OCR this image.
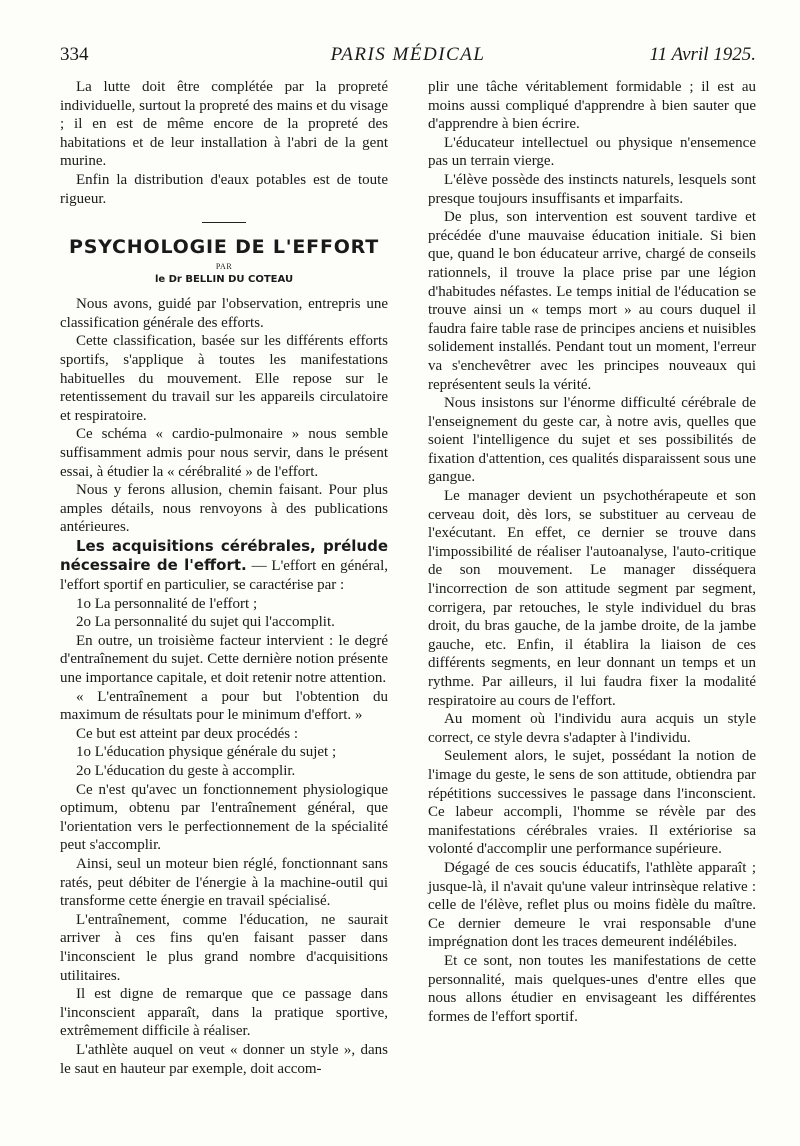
334	PARIS MÉDICAL	11 Avril 1925.

La lutte doit être complétée par la propreté individuelle, surtout la propreté des mains et du visage ; il en est de même encore de la propreté des habitations et de leur installation à l'abri de la gent murine.

Enfin la distribution d'eaux potables est de toute rigueur.

PSYCHOLOGIE DE L'EFFORT
PAR
le Dr BELLIN DU COTEAU

Nous avons, guidé par l'observation, entrepris une classification générale des efforts.

Cette classification, basée sur les différents efforts sportifs, s'applique à toutes les manifestations habituelles du mouvement. Elle repose sur le retentissement du travail sur les appareils circulatoire et respiratoire.

Ce schéma « cardio-pulmonaire » nous semble suffisamment admis pour nous servir, dans le présent essai, à étudier la « cérébralité » de l'effort.

Nous y ferons allusion, chemin faisant. Pour plus amples détails, nous renvoyons à des publications antérieures.

Les acquisitions cérébrales, prélude nécessaire de l'effort. — L'effort en général, l'effort sportif en particulier, se caractérise par :

1o La personnalité de l'effort ;

2o La personnalité du sujet qui l'accomplit.

En outre, un troisième facteur intervient : le degré d'entraînement du sujet. Cette dernière notion présente une importance capitale, et doit retenir notre attention.

« L'entraînement a pour but l'obtention du maximum de résultats pour le minimum d'effort. »

Ce but est atteint par deux procédés :

1o L'éducation physique générale du sujet ;

2o L'éducation du geste à accomplir.

Ce n'est qu'avec un fonctionnement physiologique optimum, obtenu par l'entraînement général, que l'orientation vers le perfectionnement de la spécialité peut s'accomplir.

Ainsi, seul un moteur bien réglé, fonctionnant sans ratés, peut débiter de l'énergie à la machine-outil qui transforme cette énergie en travail spécialisé.

L'entraînement, comme l'éducation, ne saurait arriver à ces fins qu'en faisant passer dans l'inconscient le plus grand nombre d'acquisitions utilitaires.

Il est digne de remarque que ce passage dans l'inconscient apparaît, dans la pratique sportive, extrêmement difficile à réaliser.

L'athlète auquel on veut « donner un style », dans le saut en hauteur par exemple, doit accom-

plir une tâche véritablement formidable ; il est au moins aussi compliqué d'apprendre à bien sauter que d'apprendre à bien écrire.

L'éducateur intellectuel ou physique n'ensemence pas un terrain vierge.

L'élève possède des instincts naturels, lesquels sont presque toujours insuffisants et imparfaits.

De plus, son intervention est souvent tardive et précédée d'une mauvaise éducation initiale. Si bien que, quand le bon éducateur arrive, chargé de conseils rationnels, il trouve la place prise par une légion d'habitudes néfastes. Le temps initial de l'éducation se trouve ainsi un « temps mort » au cours duquel il faudra faire table rase de principes anciens et nuisibles solidement installés. Pendant tout un moment, l'erreur va s'enchevêtrer avec les principes nouveaux qui représentent seuls la vérité.

Nous insistons sur l'énorme difficulté cérébrale de l'enseignement du geste car, à notre avis, quelles que soient l'intelligence du sujet et ses possibilités de fixation d'attention, ces qualités disparaissent sous une gangue.

Le manager devient un psychothérapeute et son cerveau doit, dès lors, se substituer au cerveau de l'exécutant. En effet, ce dernier se trouve dans l'impossibilité de réaliser l'autoanalyse, l'auto-critique de son mouvement. Le manager disséquera l'incorrection de son attitude segment par segment, corrigera, par retouches, le style individuel du bras droit, du bras gauche, de la jambe droite, de la jambe gauche, etc. Enfin, il établira la liaison de ces différents segments, en leur donnant un temps et un rythme. Par ailleurs, il lui faudra fixer la modalité respiratoire au cours de l'effort.

Au moment où l'individu aura acquis un style correct, ce style devra s'adapter à l'individu.

Seulement alors, le sujet, possédant la notion de l'image du geste, le sens de son attitude, obtiendra par répétitions successives le passage dans l'inconscient. Ce labeur accompli, l'homme se révèle par des manifestations cérébrales vraies. Il extériorise sa volonté d'accomplir une performance supérieure.

Dégagé de ces soucis éducatifs, l'athlète apparaît ; jusque-là, il n'avait qu'une valeur intrinsèque relative : celle de l'élève, reflet plus ou moins fidèle du maître. Ce dernier demeure le vrai responsable d'une imprégnation dont les traces demeurent indélébiles.

Et ce sont, non toutes les manifestations de cette personnalité, mais quelques-unes d'entre elles que nous allons étudier en envisageant les différentes formes de l'effort sportif.
